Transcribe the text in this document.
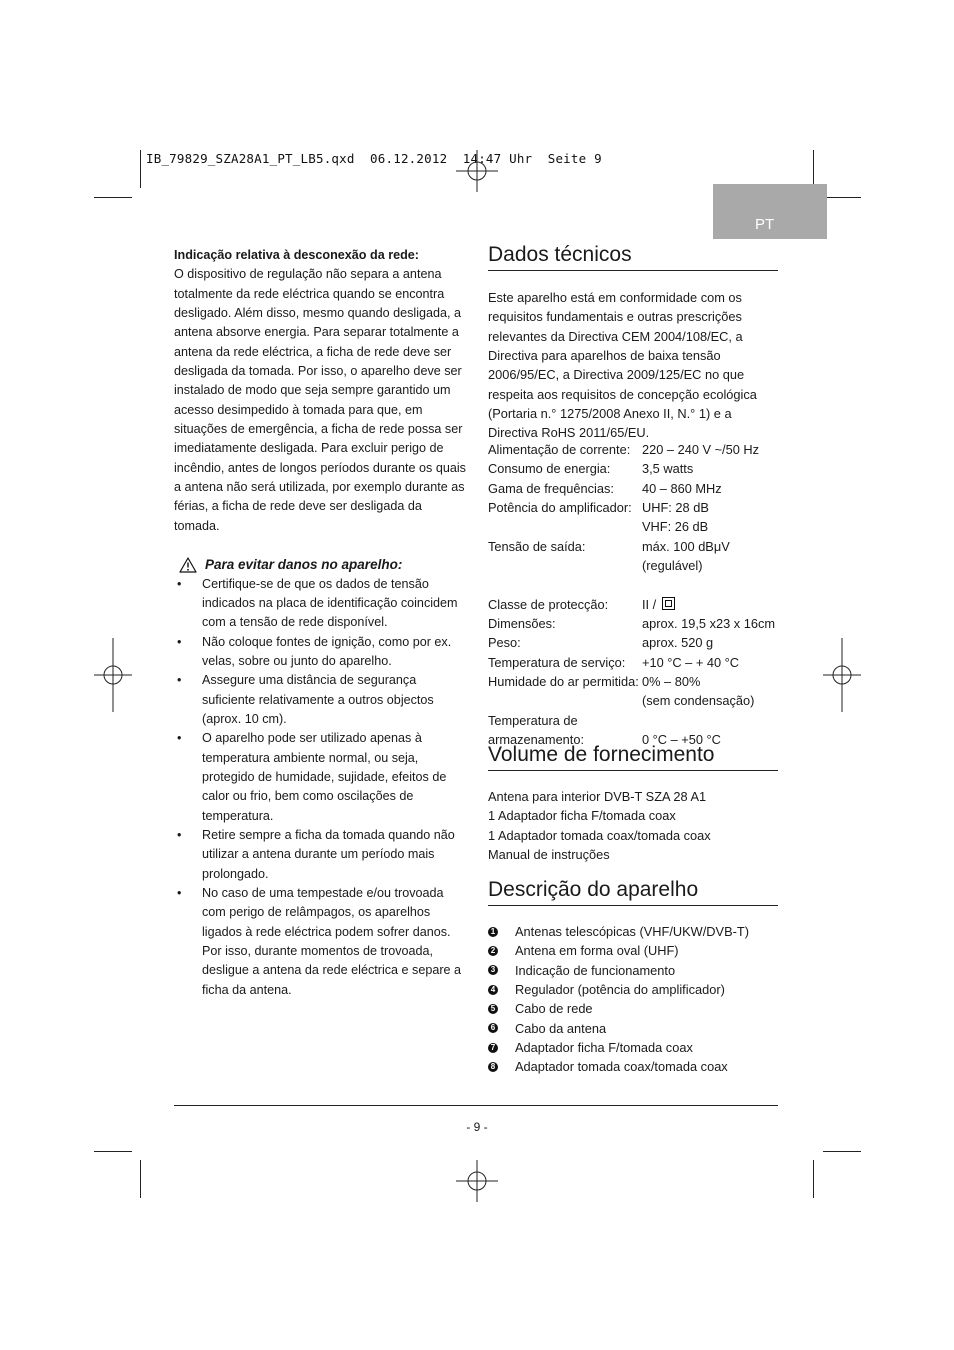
IB_79829_SZA28A1_PT_LB5.qxd  06.12.2012  14:47 Uhr  Seite 9
PT

Indicação relativa à desconexão da rede:

O dispositivo de regulação não separa a antena totalmente da rede eléctrica quando se encontra desligado. Além disso, mesmo quando desligada, a antena absorve energia. Para separar totalmente a antena da rede eléctrica, a ficha de rede deve ser desligada da tomada. Por isso, o aparelho deve ser instalado de modo que seja sempre garantido um acesso desimpedido à tomada para que, em situações de emergência, a ficha de rede possa ser imediatamente desligada. Para excluir perigo de incêndio, antes de longos períodos durante os quais a antena não será utilizada, por exemplo durante as férias, a ficha de rede deve ser desligada da tomada.

Para evitar danos no aparelho:

• Certifique-se de que os dados de tensão indicados na placa de identificação coincidem com a tensão de rede disponível.
• Não coloque fontes de ignição, como por ex. velas, sobre ou junto do aparelho.
• Assegure uma distância de segurança suficiente relativamente a outros objectos (aprox. 10 cm).
• O aparelho pode ser utilizado apenas à temperatura ambiente normal, ou seja, protegido de humidade, sujidade, efeitos de calor ou frio, bem como oscilações de temperatura.
• Retire sempre a ficha da tomada quando não utilizar a antena durante um período mais prolongado.
• No caso de uma tempestade e/ou trovoada com perigo de relâmpagos, os aparelhos ligados à rede eléctrica podem sofrer danos. Por isso, durante momentos de trovoada, desligue a antena da rede eléctrica e separe a ficha da antena.
Dados técnicos

Este aparelho está em conformidade com os requisitos fundamentais e outras prescrições relevantes da Directiva CEM 2004/108/EC, a Directiva para aparelhos de baixa tensão 2006/95/EC, a Directiva 2009/125/EC no que respeita aos requisitos de concepção ecológica (Portaria n.° 1275/2008 Anexo II, N.° 1) e a Directiva RoHS 2011/65/EU.

Alimentação de corrente: 220 – 240 V ~/50 Hz
Consumo de energia:	3,5 watts
Gama de frequências:	40 – 860 MHz
Potência do amplificador: UHF: 28 dB
VHF: 26 dB
Tensão de saída:	máx. 100 dBμV
(regulável)
Classe de protecção:	II /
Dimensões:	aprox. 19,5 x23 x 16cm
Peso:	aprox. 520 g
Temperatura de serviço:	+10 °C – + 40 °C
Humidade do ar permitida: 0% – 80%
(sem condensação)
Temperatura de
armazenamento:	0 °C – +50 °C
Volume de fornecimento

Antena para interior DVB-T SZA 28 A1

1 Adaptador ficha F/tomada coax

1 Adaptador tomada coax/tomada coax

Manual de instruções

Descrição do aparelho
1 Antenas telescópicas (VHF/UKW/DVB-T)
2 Antena em forma oval (UHF)
3 Indicação de funcionamento
4 Regulador (potência do amplificador)
5 Cabo de rede
6 Cabo da antena
7 Adaptador ficha F/tomada coax
8 Adaptador tomada coax/tomada coax
- 9 -
